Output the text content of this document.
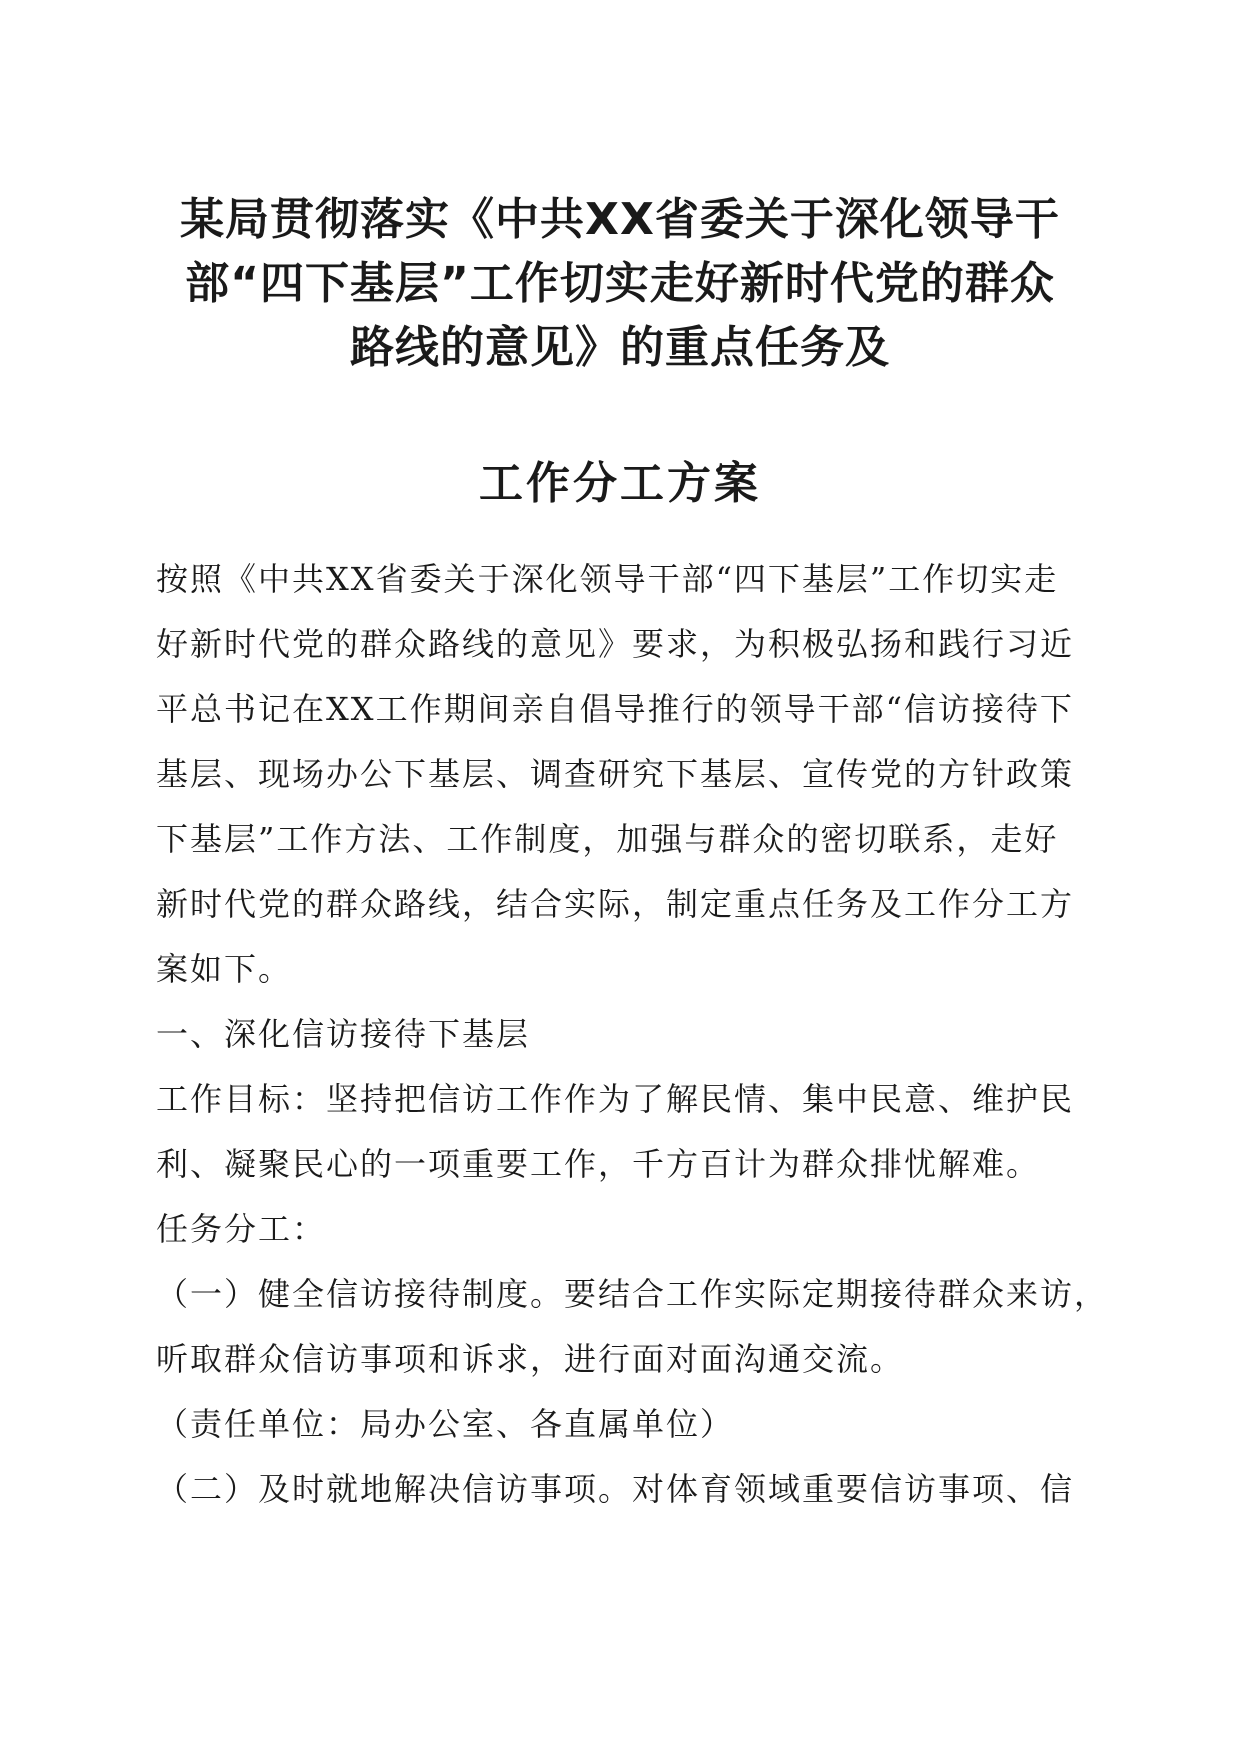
某局贯彻落实《中共XX省委关于深化领导干
部“四下基层”工作切实走好新时代党的群众
路线的意见》的重点任务及
工作分工方案
按照《中共XX省委关于深化领导干部“四下基层”工作切实走
好新时代党的群众路线的意见》要求，为积极弘扬和践行习近
平总书记在XX工作期间亲自倡导推行的领导干部“信访接待下
基层、现场办公下基层、调查研究下基层、宣传党的方针政策
下基层”工作方法、工作制度，加强与群众的密切联系，走好
新时代党的群众路线，结合实际，制定重点任务及工作分工方
案如下。
一、深化信访接待下基层
工作目标：坚持把信访工作作为了解民情、集中民意、维护民
利、凝聚民心的一项重要工作，千方百计为群众排忧解难。
任务分工：
（一）健全信访接待制度。要结合工作实际定期接待群众来访，
听取群众信访事项和诉求，进行面对面沟通交流。
（责任单位：局办公室、各直属单位）
（二）及时就地解决信访事项。对体育领域重要信访事项、信
